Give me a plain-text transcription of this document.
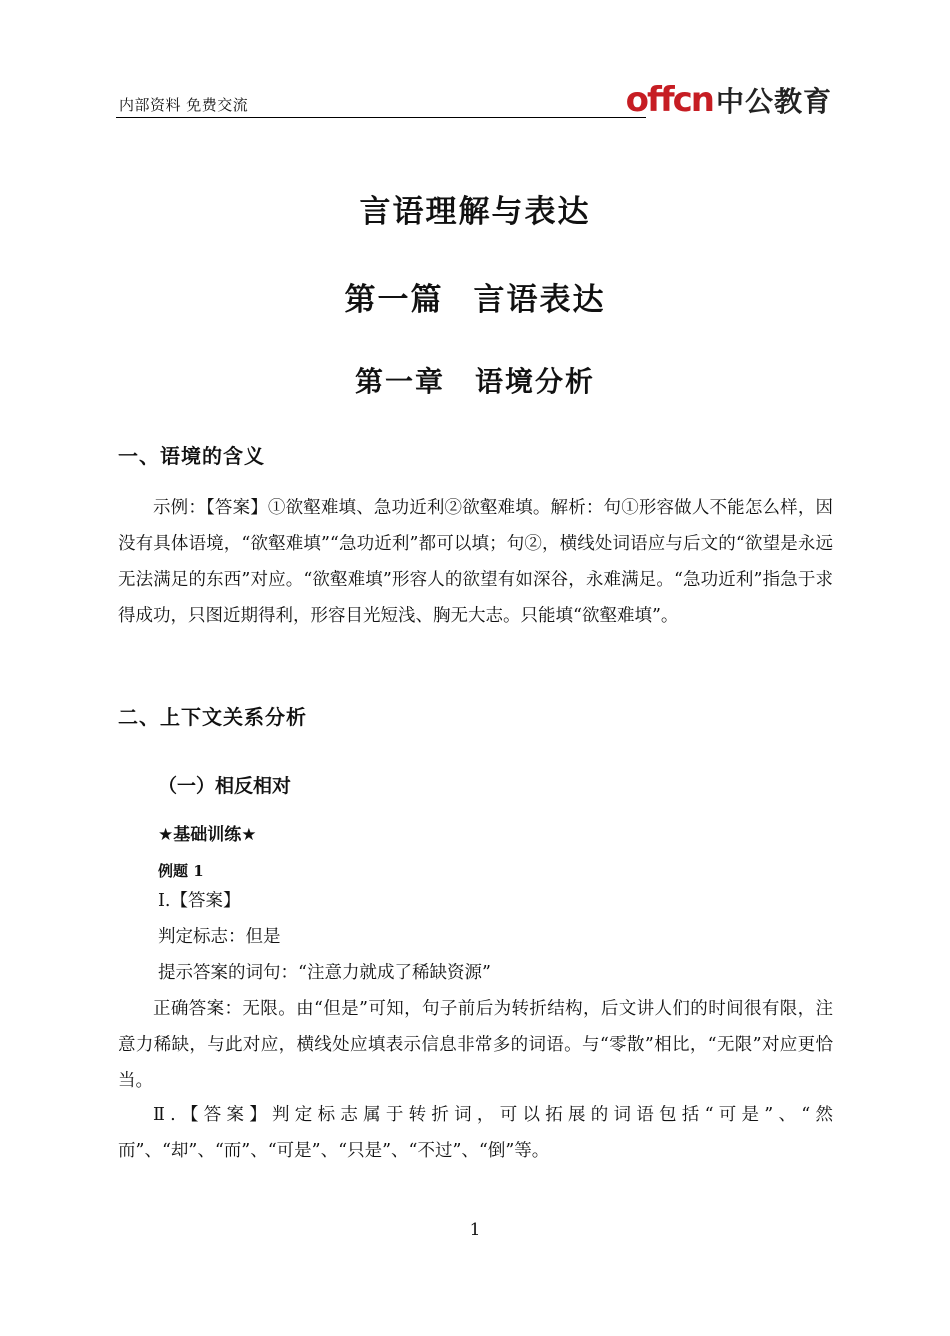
内部资料 免费交流	offcn 中公教育
言语理解与表达
第一篇 言语表达
第一章 语境分析
一、语境的含义

示例：【答案】①欲壑难填、急功近利②欲壑难填。解析：句①形容做人不能怎么样，因没有具体语境，“欲壑难填”“急功近利”都可以填；句②，横线处词语应与后文的“欲望是永远无法满足的东西”对应。“欲壑难填”形容人的欲望有如深谷，永难满足。“急功近利”指急于求得成功，只图近期得利，形容目光短浅、胸无大志。只能填“欲壑难填”。

二、上下文关系分析
（一）相反相对
★基础训练★
例题 1
Ⅰ.【答案】
判定标志：但是
提示答案的词句：“注意力就成了稀缺资源”

正确答案：无限。由“但是”可知，句子前后为转折结构，后文讲人们的时间很有限，注意力稀缺，与此对应，横线处应填表示信息非常多的词语。与“零散”相比，“无限”对应更恰当。

Ⅱ.【答案】判定标志属于转折词，可以拓展的词语包括“可是”、“然而”、“却”、“而”、“可是”、“只是”、“不过”、“倒”等。

1
